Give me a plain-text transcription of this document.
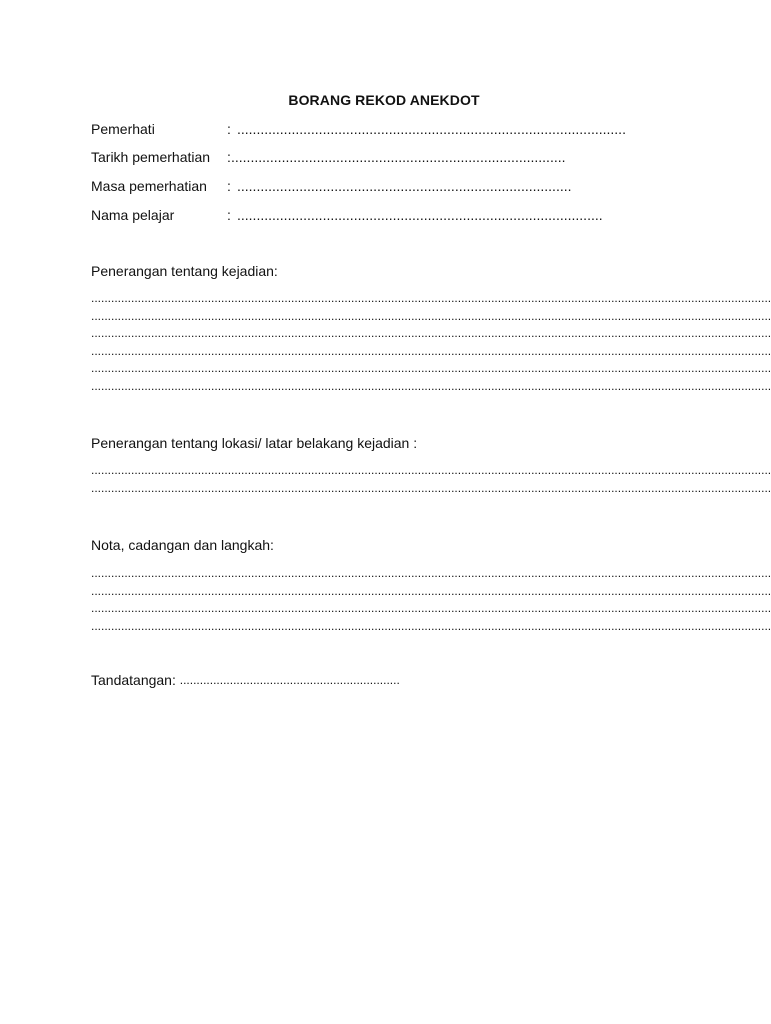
BORANG REKOD ANEKDOT
Pemerhati	: ....................................................................................................
Tarikh pemerhatian : ......................................................................................
Masa pemerhatian : ......................................................................................
Nama pelajar	: ..............................................................................................
Penerangan tentang kejadian:
............................................................................................................................................................................................................
............................................................................................................................................................................................................
............................................................................................................................................................................................................
............................................................................................................................................................................................................
............................................................................................................................................................................................................
............................................................................................................................................................................................................
Penerangan tentang lokasi/ latar belakang kejadian :
............................................................................................................................................................................................................
............................................................................................................................................................................................................
Nota, cadangan dan langkah:
............................................................................................................................................................................................................
............................................................................................................................................................................................................
............................................................................................................................................................................................................
............................................................................................................................................................................................................
Tandatangan: ..................................................................
